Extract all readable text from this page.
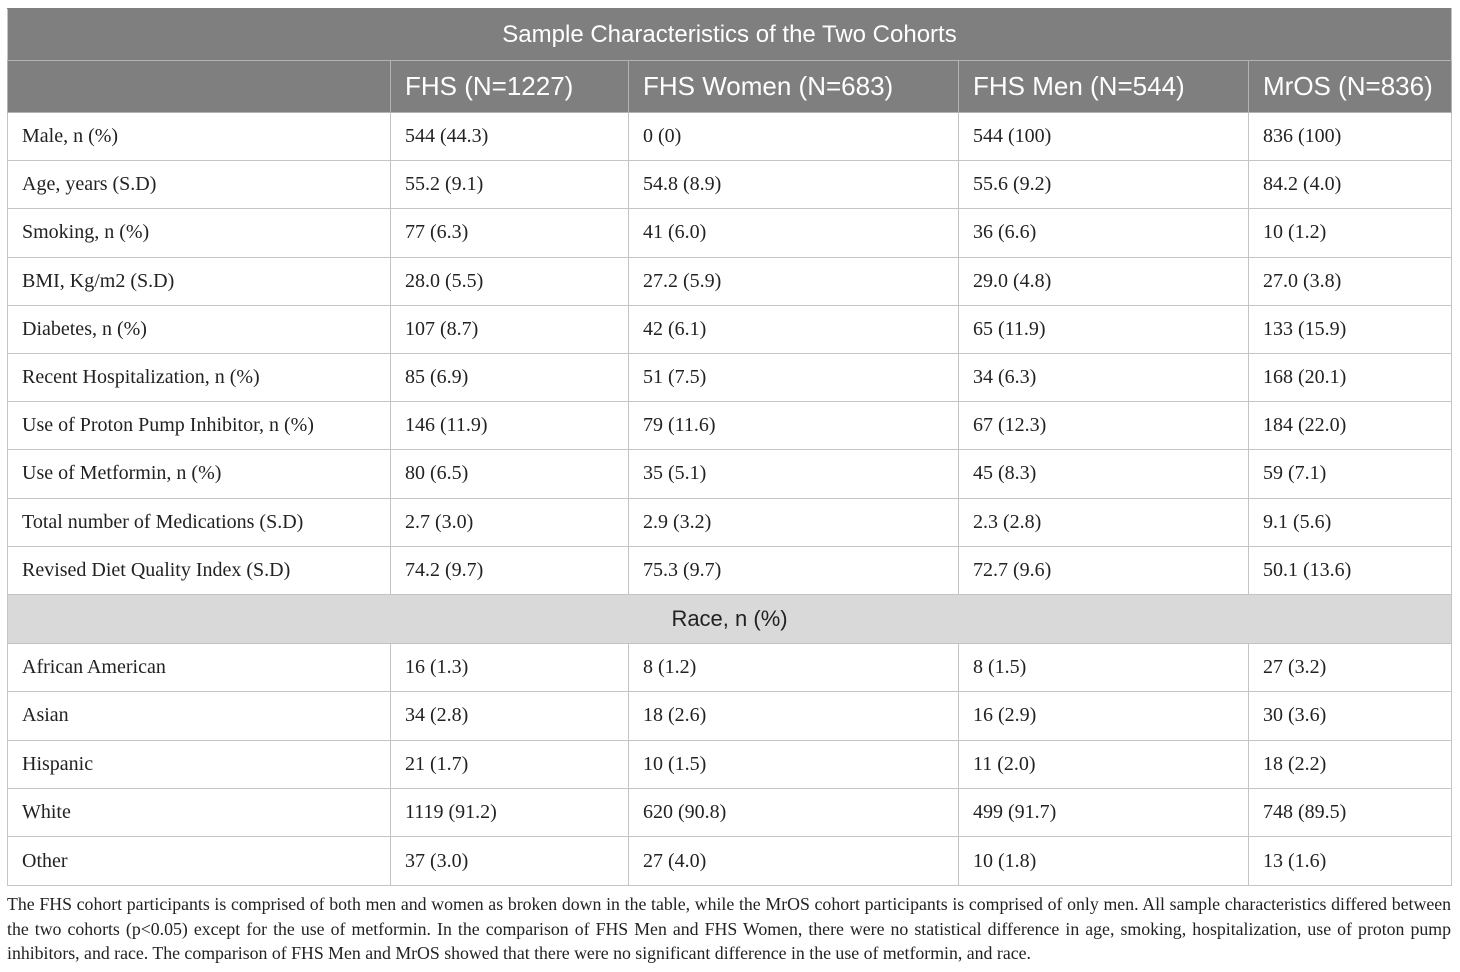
Sample Characteristics of the Two Cohorts				
	FHS (N=1227)	FHS Women (N=683)	FHS Men (N=544)	MrOS (N=836)
Male, n (%)	544 (44.3)	0 (0)	544 (100)	836 (100)
Age, years (S.D)	55.2 (9.1)	54.8 (8.9)	55.6 (9.2)	84.2 (4.0)
Smoking, n (%)	77 (6.3)	41 (6.0)	36 (6.6)	10 (1.2)
BMI, Kg/m2 (S.D)	28.0 (5.5)	27.2 (5.9)	29.0 (4.8)	27.0 (3.8)
Diabetes, n (%)	107 (8.7)	42 (6.1)	65 (11.9)	133 (15.9)
Recent Hospitalization, n (%)	85 (6.9)	51 (7.5)	34 (6.3)	168 (20.1)
Use of Proton Pump Inhibitor, n (%)	146 (11.9)	79 (11.6)	67 (12.3)	184 (22.0)
Use of Metformin, n (%)	80 (6.5)	35 (5.1)	45 (8.3)	59 (7.1)
Total number of Medications (S.D)	2.7 (3.0)	2.9 (3.2)	2.3 (2.8)	9.1 (5.6)
Revised Diet Quality Index (S.D)	74.2 (9.7)	75.3 (9.7)	72.7 (9.6)	50.1 (13.6)
Race, n (%)				
African American	16 (1.3)	8 (1.2)	8 (1.5)	27 (3.2)
Asian	34 (2.8)	18 (2.6)	16 (2.9)	30 (3.6)
Hispanic	21 (1.7)	10 (1.5)	11 (2.0)	18 (2.2)
White	1119 (91.2)	620 (90.8)	499 (91.7)	748 (89.5)
Other	37 (3.0)	27 (4.0)	10 (1.8)	13 (1.6)

The FHS cohort participants is comprised of both men and women as broken down in the table, while the MrOS cohort participants is comprised of only men. All sample characteristics differed between the two cohorts (p<0.05) except for the use of metformin. In the comparison of FHS Men and FHS Women, there were no statistical difference in age, smoking, hospitalization, use of proton pump inhibitors, and race. The comparison of FHS Men and MrOS showed that there were no significant difference in the use of metformin, and race.
